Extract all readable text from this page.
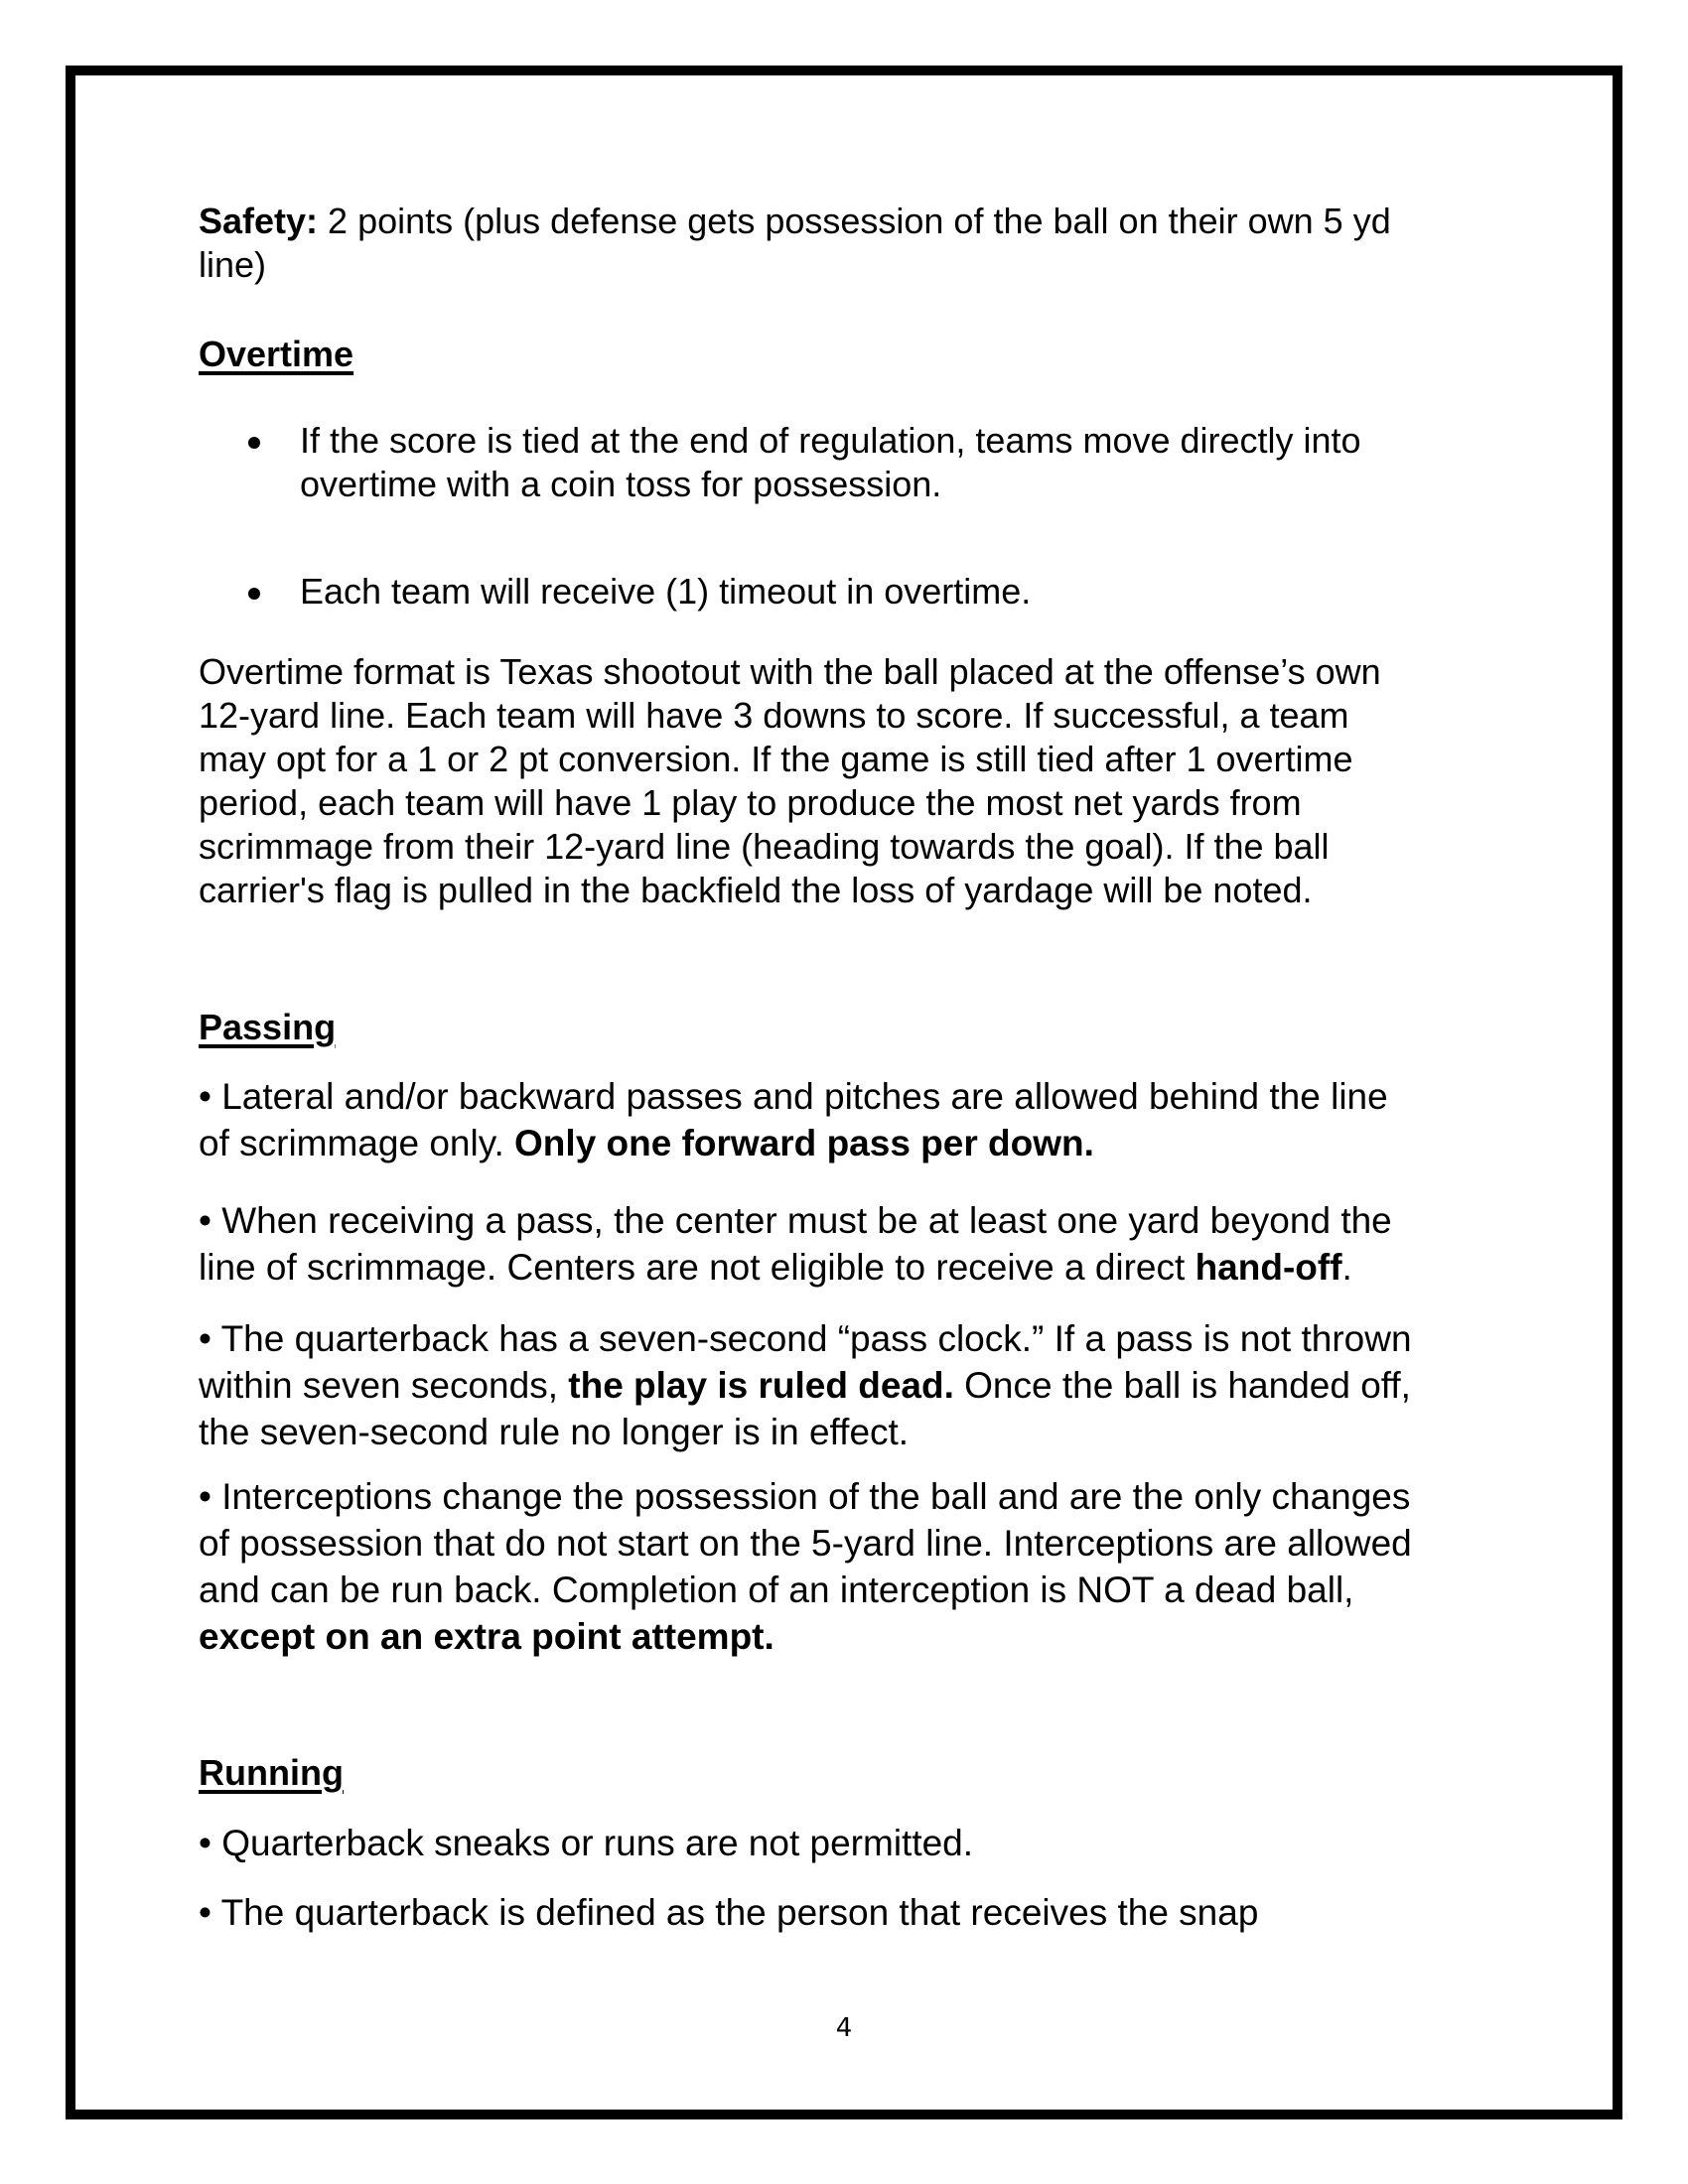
Safety: 2 points (plus defense gets possession of the ball on their own 5 yd
line)
Overtime
If the score is tied at the end of regulation, teams move directly into
overtime with a coin toss for possession.
Each team will receive (1) timeout in overtime.
Overtime format is Texas shootout with the ball placed at the offense’s own
12-yard line. Each team will have 3 downs to score. If successful, a team
may opt for a 1 or 2 pt conversion. If the game is still tied after 1 overtime
period, each team will have 1 play to produce the most net yards from
scrimmage from their 12-yard line (heading towards the goal). If the ball
carrier's flag is pulled in the backfield the loss of yardage will be noted.
Passing
• Lateral and/or backward passes and pitches are allowed behind the line
of scrimmage only. Only one forward pass per down.
• When receiving a pass, the center must be at least one yard beyond the
line of scrimmage. Centers are not eligible to receive a direct hand-off.
• The quarterback has a seven-second “pass clock.” If a pass is not thrown
within seven seconds, the play is ruled dead. Once the ball is handed off,
the seven-second rule no longer is in effect.
• Interceptions change the possession of the ball and are the only changes
of possession that do not start on the 5-yard line. Interceptions are allowed
and can be run back. Completion of an interception is NOT a dead ball,
except on an extra point attempt.
Running
• Quarterback sneaks or runs are not permitted.
• The quarterback is defined as the person that receives the snap
4
